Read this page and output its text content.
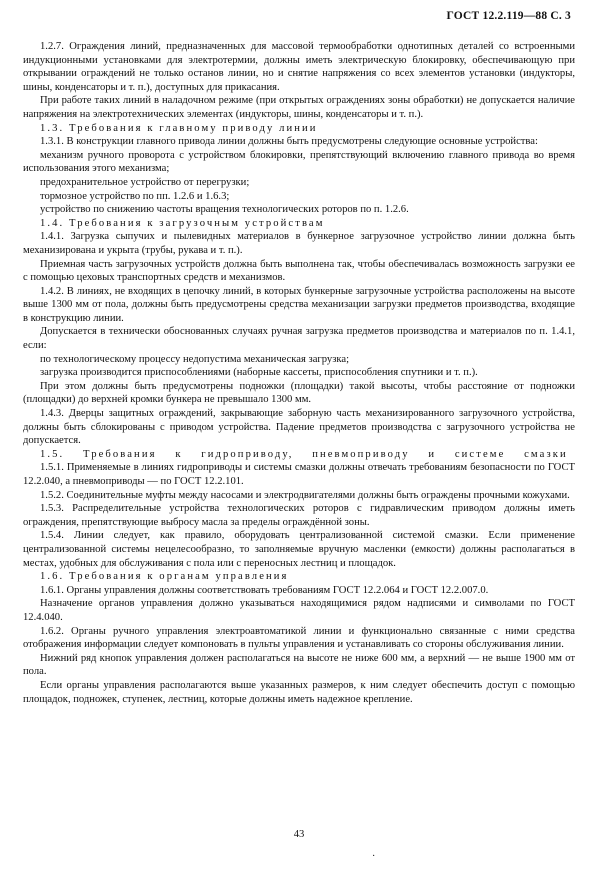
ГОСТ 12.2.119—88 С. 3

1.2.7. Ограждения линий, предназначенных для массовой термообработки однотипных деталей со встроенными индукционными установками для электротермии, должны иметь электрическую блокировку, обеспечивающую при открывании ограждений не только останов линии, но и снятие напряжения со всех элементов установки (индукторы, шины, конденсаторы и т. п.), доступных для прикасания.

При работе таких линий в наладочном режиме (при открытых ограждениях зоны обработки) не допускается наличие напряжения на электротехнических элементах (индукторы, шины, конденсаторы и т. п.).

1.3. Требования к главному приводу линии

1.3.1. В конструкции главного привода линии должны быть предусмотрены следующие основные устройства:

механизм ручного проворота с устройством блокировки, препятствующий включению главного привода во время использования этого механизма;

предохранительное устройство от перегрузки;

тормозное устройство по пп. 1.2.6 и 1.6.3;

устройство по снижению частоты вращения технологических роторов по п. 1.2.6.

1.4. Требования к загрузочным устройствам

1.4.1. Загрузка сыпучих и пылевидных материалов в бункерное загрузочное устройство линии должна быть механизирована и укрыта (трубы, рукава и т. п.).

Приемная часть загрузочных устройств должна быть выполнена так, чтобы обеспечивалась возможность загрузки ее с помощью цеховых транспортных средств и механизмов.

1.4.2. В линиях, не входящих в цепочку линий, в которых бункерные загрузочные устройства расположены на высоте выше 1300 мм от пола, должны быть предусмотрены средства механизации загрузки предметов производства, входящие в конструкцию линии.

Допускается в технически обоснованных случаях ручная загрузка предметов производства и материалов по п. 1.4.1, если:

по технологическому процессу недопустима механическая загрузка;

загрузка производится приспособлениями (наборные кассеты, приспособления спутники и т. п.).

При этом должны быть предусмотрены подножки (площадки) такой высоты, чтобы расстояние от подножки (площадки) до верхней кромки бункера не превышало 1300 мм.

1.4.3. Дверцы защитных ограждений, закрывающие заборную часть механизированного загрузочного устройства, должны быть сблокированы с приводом устройства. Падение предметов производства с загрузочного устройства не допускается.

1.5. Требования к гидроприводу, пневмоприводу и системе смазки

1.5.1. Применяемые в линиях гидроприводы и системы смазки должны отвечать требованиям безопасности по ГОСТ 12.2.040, а пневмоприводы — по ГОСТ 12.2.101.

1.5.2. Соединительные муфты между насосами и электродвигателями должны быть ограждены прочными кожухами.

1.5.3. Распределительные устройства технологических роторов с гидравлическим приводом должны иметь ограждения, препятствующие выбросу масла за пределы ограждённой зоны.

1.5.4. Линии следует, как правило, оборудовать централизованной системой смазки. Если применение централизованной системы нецелесообразно, то заполняемые вручную масленки (емкости) должны располагаться в местах, удобных для обслуживания с пола или с переносных лестниц и площадок.

1.6. Требования к органам управления

1.6.1. Органы управления должны соответствовать требованиям ГОСТ 12.2.064 и ГОСТ 12.2.007.0.

Назначение органов управления должно указываться находящимися рядом надписями и символами по ГОСТ 12.4.040.

1.6.2. Органы ручного управления электроавтоматикой линии и функционально связанные с ними средства отображения информации следует компоновать в пульты управления и устанавливать со стороны обслуживания линии.

Нижний ряд кнопок управления должен располагаться на высоте не ниже 600 мм, а верхний — не выше 1900 мм от пола.

Если органы управления располагаются выше указанных размеров, к ним следует обеспечить доступ с помощью площадок, подножек, ступенек, лестниц, которые должны иметь надежное крепление.

43
·
